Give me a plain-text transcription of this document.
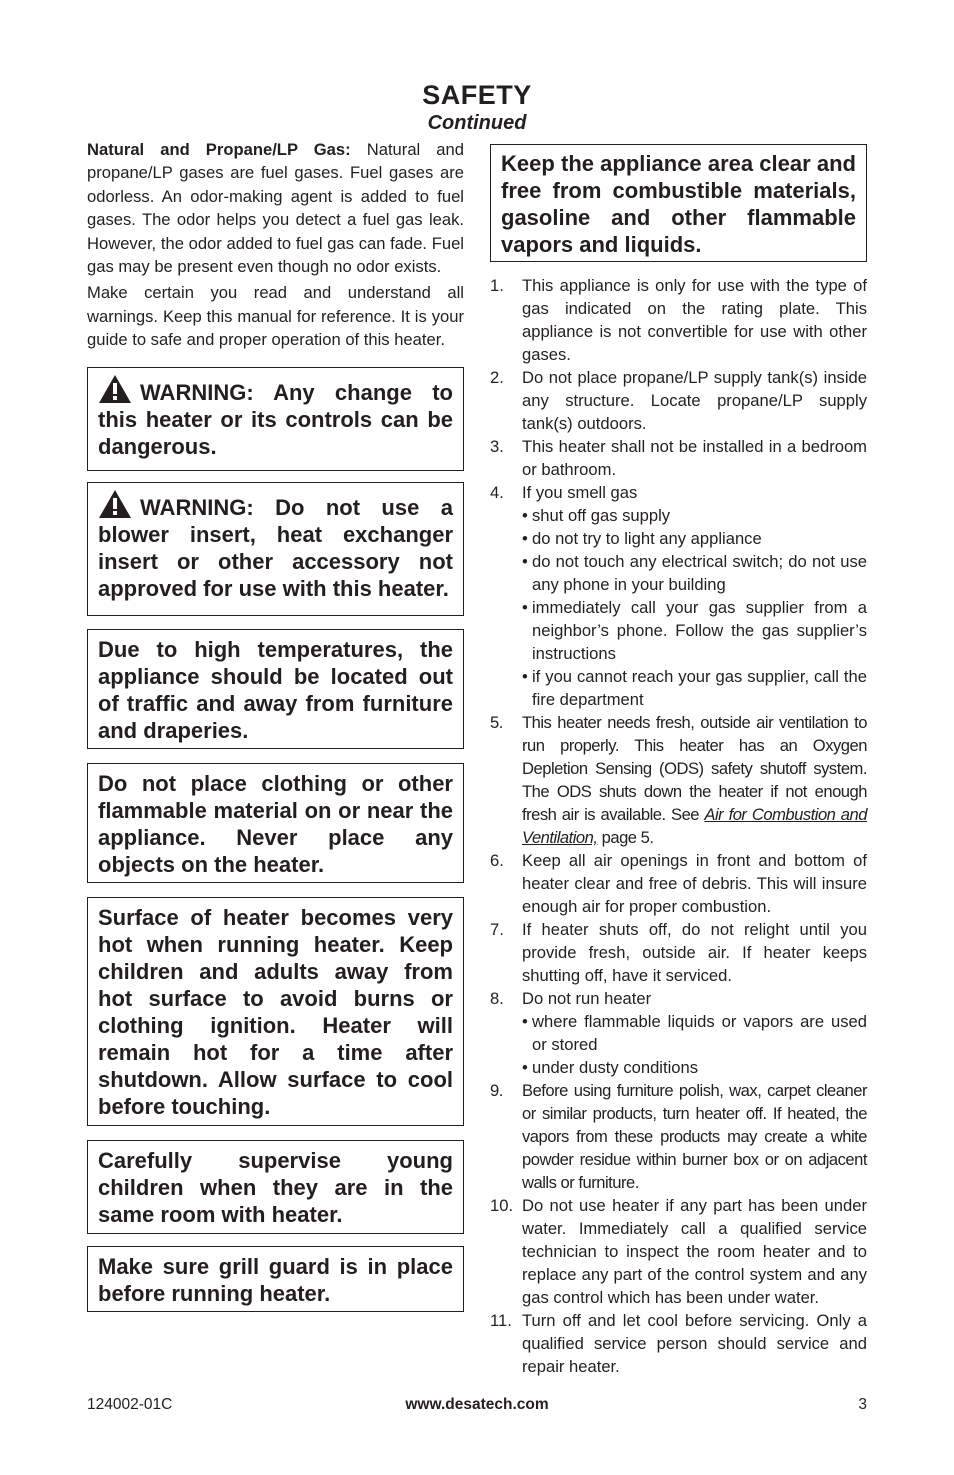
SAFETY
Continued

Natural and Propane/LP Gas: Natural and propane/LP gases are fuel gases. Fuel gases are odorless. An odor-making agent is added to fuel gases. The odor helps you detect a fuel gas leak. However, the odor added to fuel gas can fade. Fuel gas may be present even though no odor exists.

Make certain you read and understand all warnings. Keep this manual for reference. It is your guide to safe and proper operation of this heater.

WARNING: Any change to this heater or its controls can be dangerous.
WARNING: Do not use a blower insert, heat exchanger insert or other accessory not approved for use with this heater.
Due to high temperatures, the appliance should be located out of traffic and away from furniture and draperies.
Do not place clothing or other flammable material on or near the appliance. Never place any objects on the heater.
Surface of heater becomes very hot when running heater. Keep children and adults away from hot surface to avoid burns or clothing ignition. Heater will remain hot for a time after shutdown. Allow surface to cool before touching.
Carefully supervise young children when they are in the same room with heater.
Make sure grill guard is in place before running heater.
Keep the appliance area clear and free from combustible materials, gasoline and other flammable vapors and liquids.
1. This appliance is only for use with the type of gas indicated on the rating plate. This appliance is not convertible for use with other gases.
2. Do not place propane/LP supply tank(s) inside any structure. Locate propane/LP supply tank(s) outdoors.
3. This heater shall not be installed in a bedroom or bathroom.
4. If you smell gas
• shut off gas supply
• do not try to light any appliance
• do not touch any electrical switch; do not use any phone in your building
• immediately call your gas supplier from a neighbor’s phone. Follow the gas supplier’s instructions
• if you cannot reach your gas supplier, call the fire department
5. This heater needs fresh, outside air ventilation to run properly. This heater has an Oxygen Depletion Sensing (ODS) safety shutoff system. The ODS shuts down the heater if not enough fresh air is available. See Air for Combustion and Ventilation, page 5.
6. Keep all air openings in front and bottom of heater clear and free of debris. This will insure enough air for proper combustion.
7. If heater shuts off, do not relight until you provide fresh, outside air. If heater keeps shutting off, have it serviced.
8. Do not run heater
• where flammable liquids or vapors are used or stored
• under dusty conditions
9. Before using furniture polish, wax, carpet cleaner or similar products, turn heater off. If heated, the vapors from these products may create a white powder residue within burner box or on adjacent walls or furniture.
10. Do not use heater if any part has been under water. Immediately call a qualified service technician to inspect the room heater and to replace any part of the control system and any gas control which has been under water.
11. Turn off and let cool before servicing. Only a qualified service person should service and repair heater.
124002-01C	www.desatech.com	3
